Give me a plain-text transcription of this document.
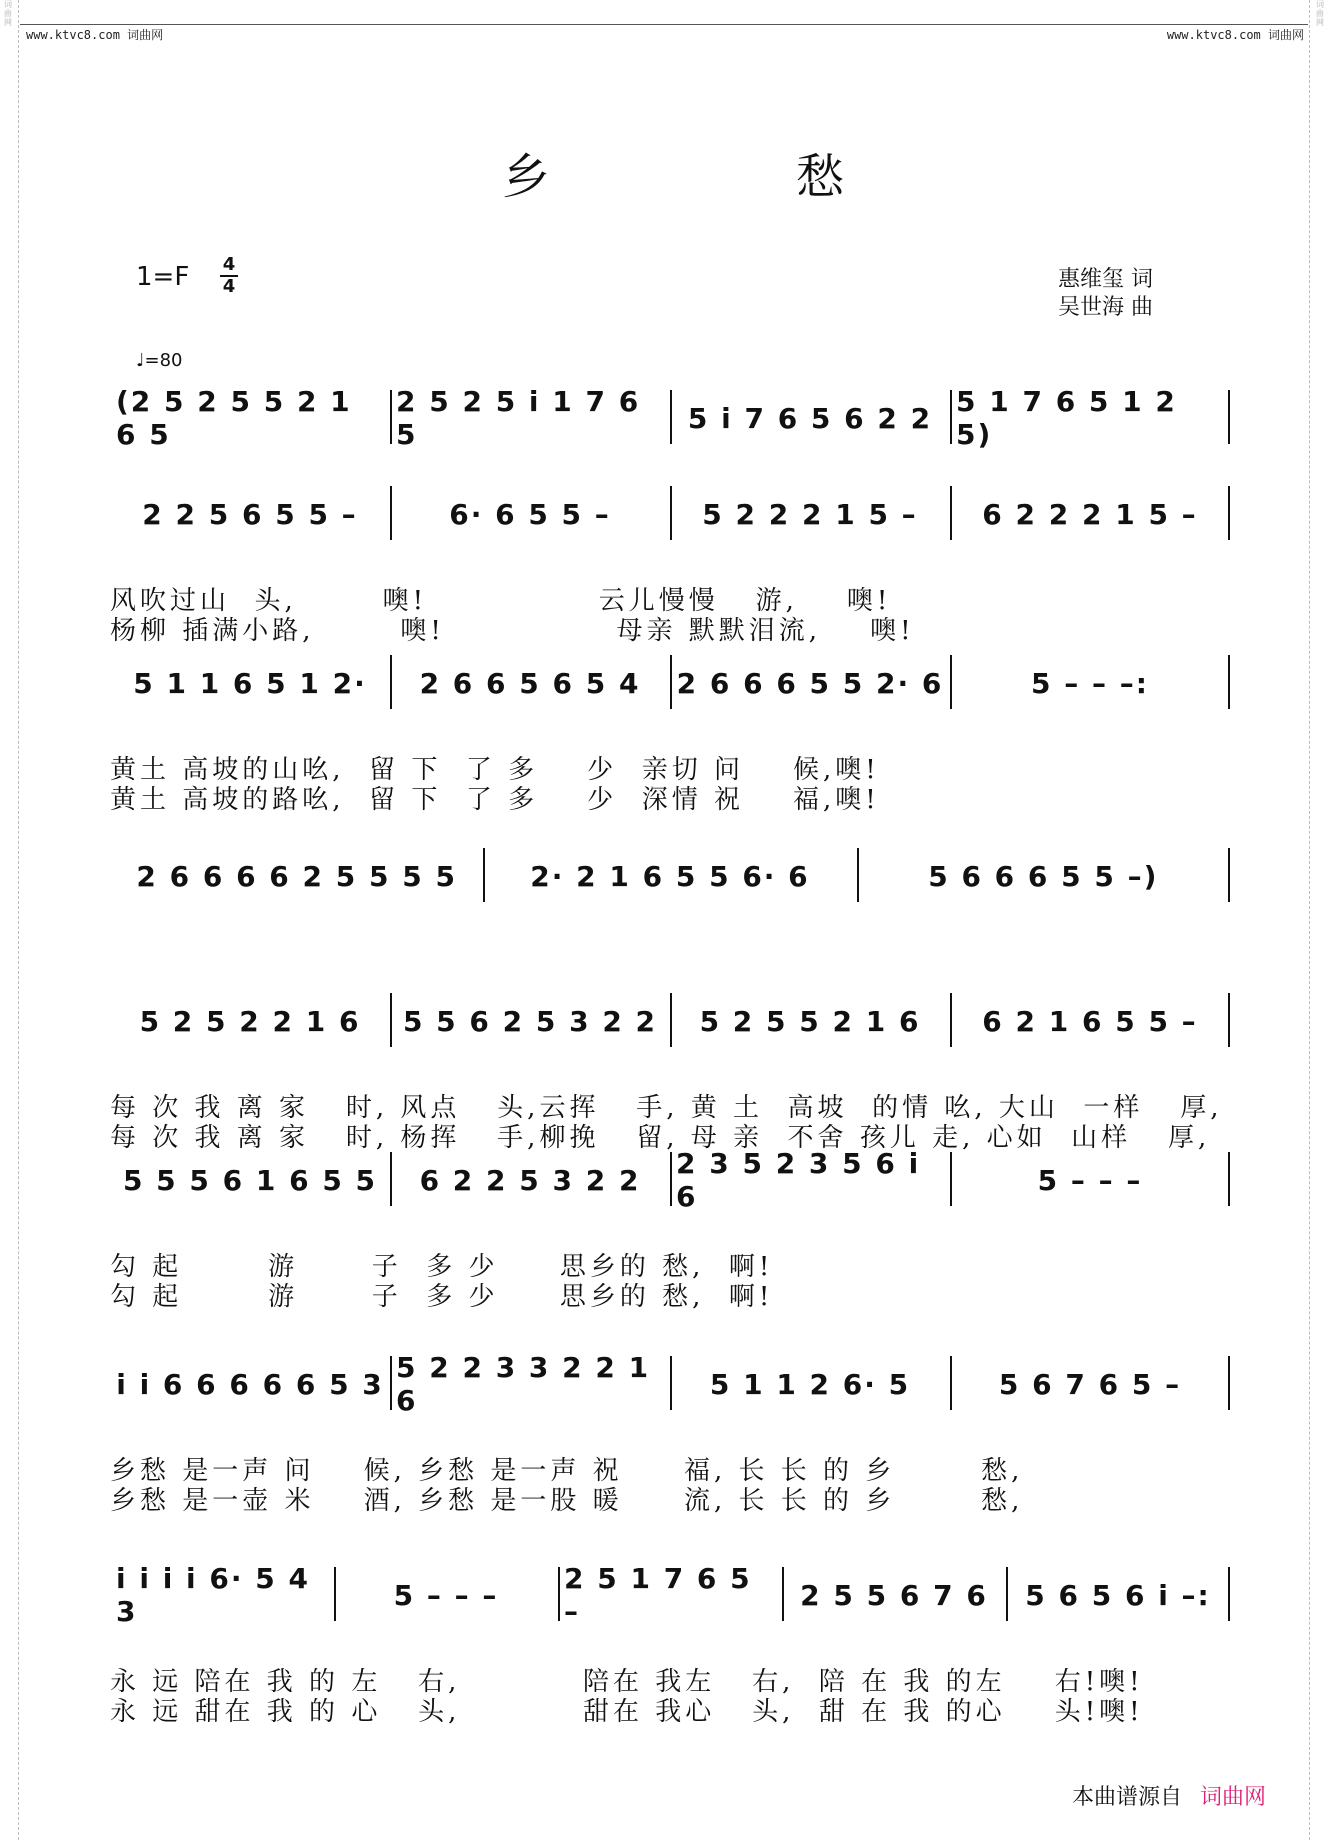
词
曲
网
词
曲
网
www.ktvc8.com 词曲网	www.ktvc8.com 词曲网
乡	愁
1=F 4
4	惠维玺 词
吴世海 曲
♩=80
(2 5 2 5 5 2 1 6 5
2 5 2 5 i 1 7 6 5	5 i 7 6 5 6 2 2 5 1 7 6 5 1 2 5)
2 2 5 6 5 5 –	6· 6 5 5 –	5 2 2 2 1 5 – 6 2 2 2 1 5 –
风吹过山  头,       噢!              云儿慢慢   游,    噢!
杨柳 插满小路,       噢!              母亲 默默泪流,    噢!
5 1 1 6 5 1 2· 2 6 6 5 6 5 4 2 6 6 6 5 5 2· 6	5 – – –:
黄土 高坡的山吆,  留 下  了 多    少  亲切 问    候,噢!
黄土 高坡的路吆,  留 下  了 多    少  深情 祝    福,噢!
2 6 6 6 6 2 5 5 5 5	2· 2 1 6 5 5 6· 6	5 6 6 6 5 5 –)
5 2 5 2 2 1 6 5 5 6 2 5 3 2 2 5 2 5 5 2 1 6 6 2 1 6 5 5 –
每 次 我 离 家   时, 风点   头,云挥   手, 黄 土  高坡  的情 吆, 大山  一样   厚,
每 次 我 离 家   时, 杨挥   手,柳挽   留, 母 亲  不舍 孩儿 走, 心如  山样   厚,
5 5 5 6 1 6 5 5 6 2 2 5 3 2 2 2 3 5 2 3 5 6 i 6	5 – – –
勾 起       游      子  多 少     思乡的 愁,  啊!
勾 起       游      子  多 少     思乡的 愁,  啊!
i i 6 6 6 6 6 5 3 5 2 2 3 3 2 2 1 6	5 1 1 2 6· 5	5 6 7 6 5 –
乡愁 是一声 问    候, 乡愁 是一声 祝     福, 长 长 的 乡       愁,
乡愁 是一壶 米    酒, 乡愁 是一股 暖     流, 长 长 的 乡       愁,
i i i i 6· 5 4 3	5 – – – 2 5 1 7 6 5 –	2 5 5 6 7 6 5 6 5 6 i –:
永 远 陪在 我 的 左   右,          陪在 我左   右,  陪 在 我 的左    右!噢!
永 远 甜在 我 的 心   头,          甜在 我心   头,  甜 在 我 的心    头!噢!
本曲谱源自 词曲网
